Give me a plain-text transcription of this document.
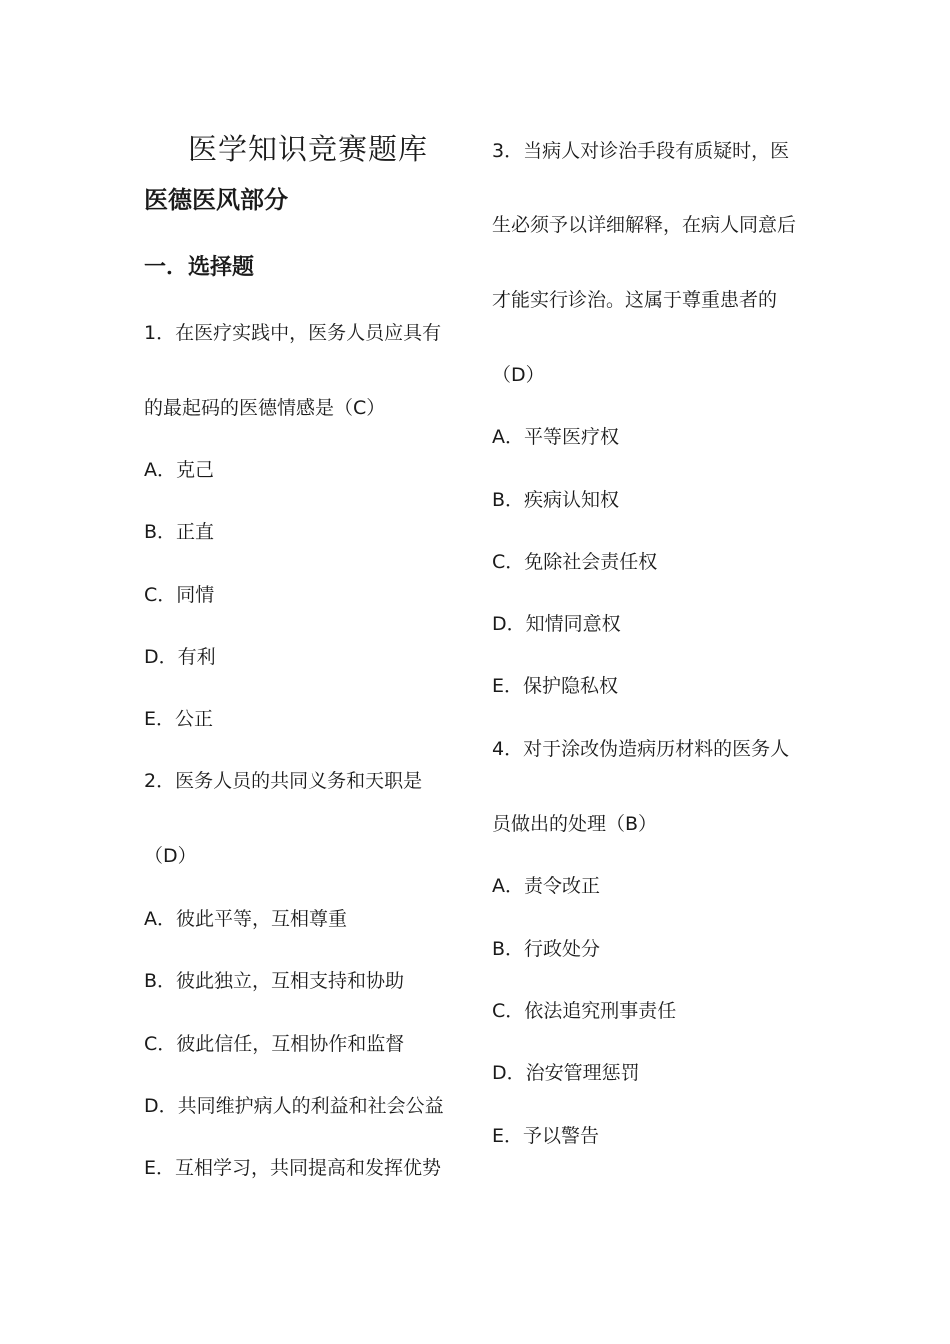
医学知识竞赛题库
医德医风部分
一．选择题
1．在医疗实践中，医务人员应具有
的最起码的医德情感是（C）
A．克己
B．正直
C．同情
D．有利
E．公正
2．医务人员的共同义务和天职是
（D）
A．彼此平等，互相尊重
B．彼此独立，互相支持和协助
C．彼此信任，互相协作和监督
D．共同维护病人的利益和社会公益
E．互相学习，共同提高和发挥优势
3．当病人对诊治手段有质疑时，医
生必须予以详细解释，在病人同意后
才能实行诊治。这属于尊重患者的
（D）
A．平等医疗权
B．疾病认知权
C．免除社会责任权
D．知情同意权
E．保护隐私权
4．对于涂改伪造病历材料的医务人
员做出的处理（B）
A．责令改正
B．行政处分
C．依法追究刑事责任
D．治安管理惩罚
E．予以警告
